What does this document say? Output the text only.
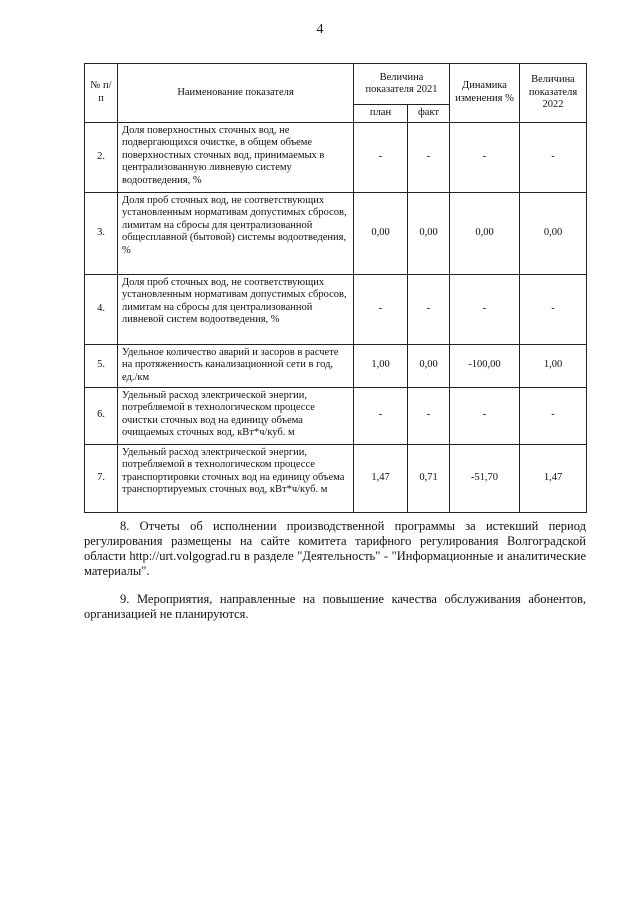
4
№ п/п	Наименование показателя	Величина показателя 2021		Динамика изменения %	Величина показателя 2022
		план	факт		
2.	Доля поверхностных сточных вод, не подвергающихся очистке, в общем объеме поверхностных сточных вод, принимаемых в централизованную ливневую систему водоотведения, %	-	-	-	-
3.	Доля проб сточных вод, не соответствующих установленным нормативам допустимых сбросов, лимитам на сбросы для централизованной общесплавной (бытовой) системы водоотведения, %	0,00	0,00	0,00	0,00
4.	Доля проб сточных вод, не соответствующих установленным нормативам допустимых сбросов, лимитам на сбросы для централизованной ливневой систем водоотведения, %	-	-	-	-
5.	Удельное количество аварий и засоров в расчете на протяженность канализационной сети в год, ед./км	1,00	0,00	-100,00	1,00
6.	Удельный расход электрической энергии, потребляемой в технологическом процессе очистки сточных вод на единицу объема очищаемых сточных вод, кВт*ч/куб. м	-	-	-	-
7.	Удельный расход электрической энергии, потребляемой в технологическом процессе транспортировки сточных вод на единицу объема транспортируемых сточных вод, кВт*ч/куб. м	1,47	0,71	-51,70	1,47

8. Отчеты об исполнении производственной программы за истекший период регулирования размещены на сайте комитета тарифного регулирования Волгоградской области http://urt.volgograd.ru в разделе "Деятельность" - "Информационные и аналитические материалы".

9. Мероприятия, направленные на повышение качества обслуживания абонентов, организацией не планируются.
